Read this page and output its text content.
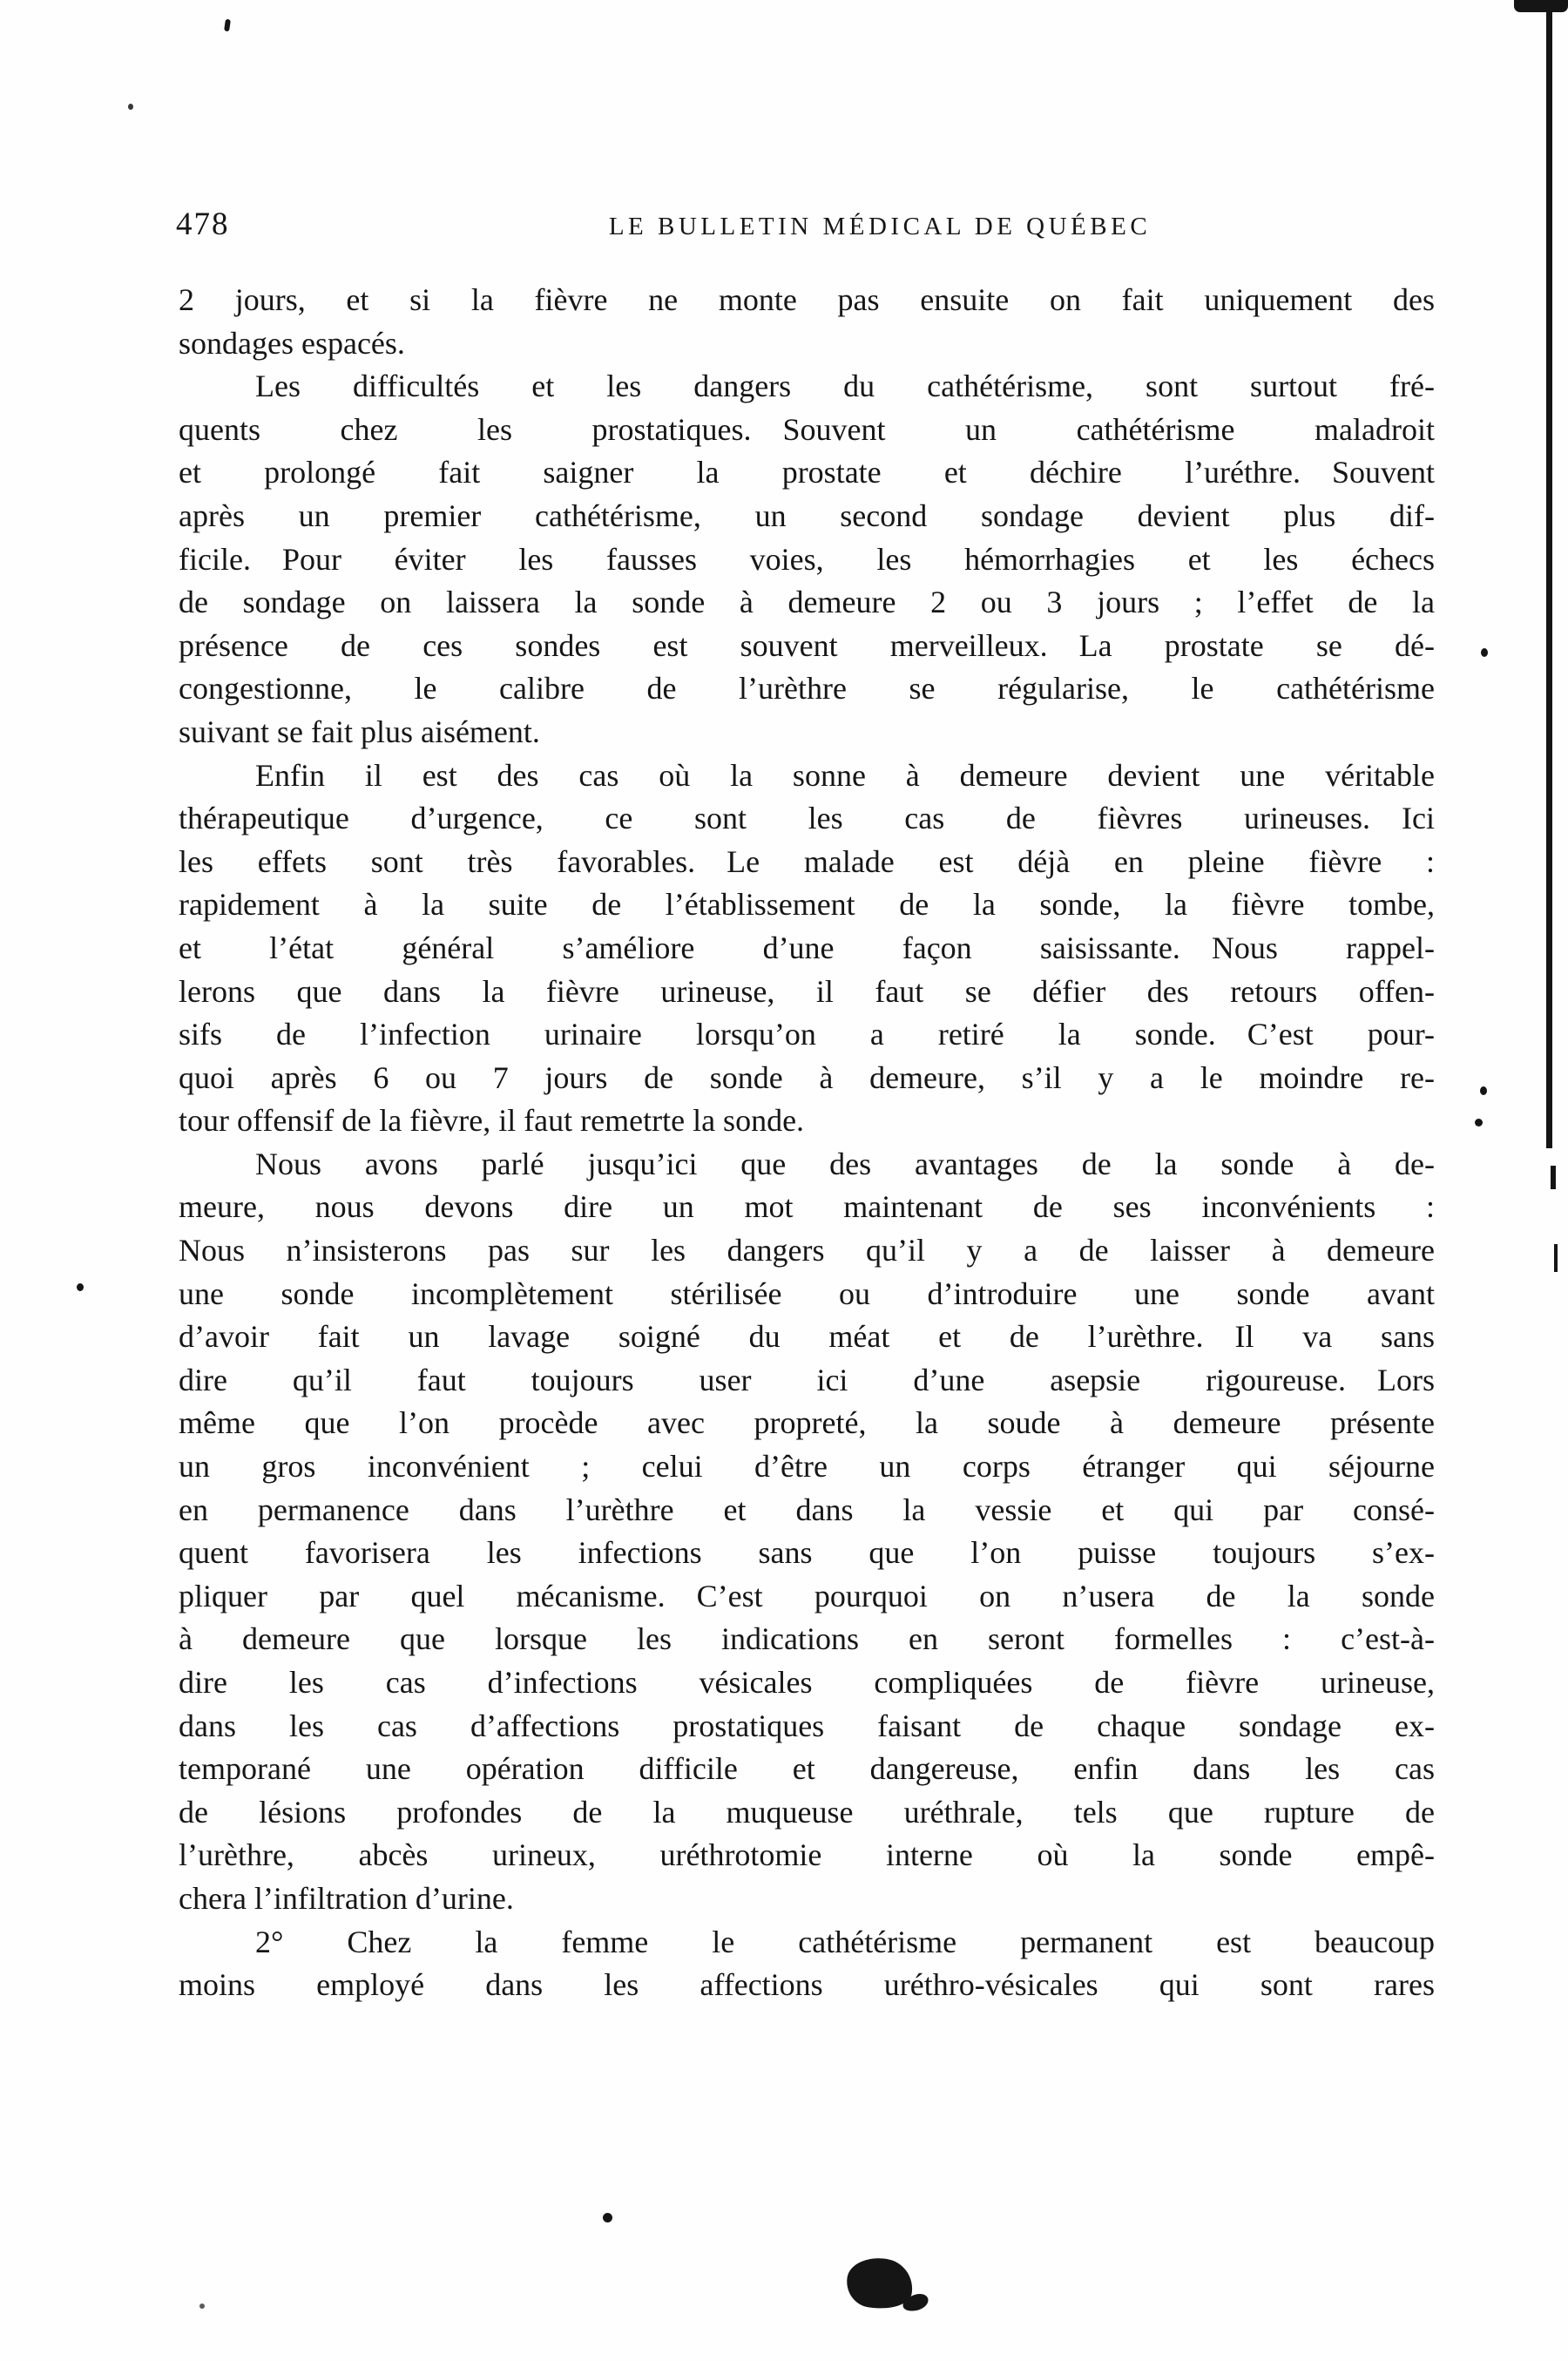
478	LE BULLETIN MÉDICAL DE QUÉBEC
2 jours, et si la fièvre ne monte pas ensuite on fait uniquement des
sondages espacés.
Les difficultés et les dangers du cathétérisme, sont surtout fré-
quents chez les prostatiques.  Souvent un cathétérisme maladroit
et prolongé fait saigner la prostate et déchire l’uréthre.  Souvent
après un premier cathétérisme, un second sondage devient plus dif-
ficile.  Pour éviter les fausses voies, les hémorrhagies et les échecs
de sondage on laissera la sonde à demeure 2 ou 3 jours ; l’effet de la
présence de ces sondes est souvent merveilleux.  La prostate se dé-
congestionne, le calibre de l’urèthre se régularise, le cathétérisme
suivant se fait plus aisément.
Enfin il est des cas où la sonne à demeure devient une véritable
thérapeutique d’urgence, ce sont les cas de fièvres urineuses.  Ici
les effets sont très favorables.  Le malade est déjà en pleine fièvre :
rapidement à la suite de l’établissement de la sonde, la fièvre tombe,
et l’état général s’améliore d’une façon saisissante.  Nous rappel-
lerons que dans la fièvre urineuse, il faut se défier des retours offen-
sifs de l’infection urinaire lorsqu’on a retiré la sonde.  C’est pour-
quoi après 6 ou 7 jours de sonde à demeure, s’il y a le moindre re-
tour offensif de la fièvre, il faut remetrte la sonde.
Nous avons parlé jusqu’ici que des avantages de la sonde à de-
meure, nous devons dire un mot maintenant de ses inconvénients :
Nous n’insisterons pas sur les dangers qu’il y a de laisser à demeure
une sonde incomplètement stérilisée ou d’introduire une sonde avant
d’avoir fait un lavage soigné du méat et de l’urèthre.  Il va sans
dire qu’il faut toujours user ici d’une asepsie rigoureuse.  Lors
même que l’on procède avec propreté, la soude à demeure présente
un gros inconvénient ; celui d’être un corps étranger qui séjourne
en permanence dans l’urèthre et dans la vessie et qui par consé-
quent favorisera les infections sans que l’on puisse toujours s’ex-
pliquer par quel mécanisme.  C’est pourquoi on n’usera de la sonde
à demeure que lorsque les indications en seront formelles : c’est-à-
dire les cas d’infections vésicales compliquées de fièvre urineuse,
dans les cas d’affections prostatiques faisant de chaque sondage ex-
temporané une opération difficile et dangereuse, enfin dans les cas
de lésions profondes de la muqueuse uréthrale, tels que rupture de
l’urèthre, abcès urineux, uréthrotomie interne où la sonde empê-
chera l’infiltration d’urine.
2° Chez la femme le cathétérisme permanent est beaucoup
moins employé dans les affections uréthro-vésicales qui sont rares
